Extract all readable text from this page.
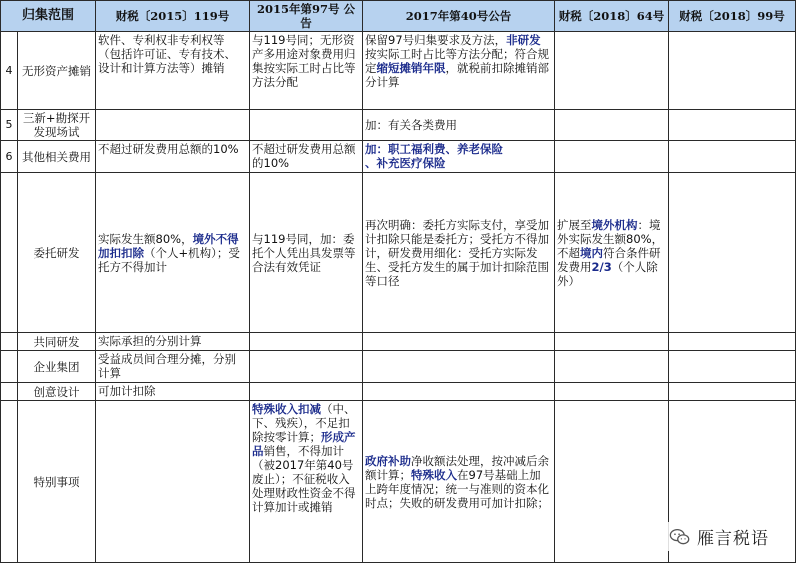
归集范围		财税〔2015〕119号	2015年第97号 公告	2017年第40号公告	财税〔2018〕64号	财税〔2018〕99号
4	无形资产摊销	软件、专利权非专利权等（包括许可证、专有技术、设计和计算方法等）摊销	与119号同；无形资产多用途对象费用归集按实际工时占比等方法分配	保留97号归集要求及方法，非研发按实际工时占比等方法分配；符合规定缩短摊销年限，就税前扣除摊销部分计算		
5	三新+勘探开发现场试			加：有关各类费用		
6	其他相关费用	不超过研发费用总额的10%	不超过研发费用总额的10%	加：职工福利费、养老保险
、补充医疗保险		
	委托研发	实际发生额80%，境外不得加扣扣除（个人+机构）；受托方不得加计	与119号同，加：委托个人凭出具发票等合法有效凭证	再次明确：委托方实际支付，享受加计扣除只能是委托方；受托方不得加计，研发费用细化：受托方实际发生、受托方发生的属于加计扣除范围等口径	扩展至境外机构：境外实际发生额80%，不超境内符合条件研发费用2/3（个人除外）	
	共同研发	实际承担的分别计算				
	企业集团	受益成员间合理分摊，分别计算				
	创意设计	可加计扣除				
	特别事项		特殊收入扣减（中、下、残疾），不足扣除按零计算；形成产品销售，不得加计（被2017年第40号废止）；不征税收入处理财政性资金不得计算加计或摊销	政府补助净收额法处理，按冲减后余额计算；特殊收入在97号基础上加上跨年度情况；统一与准则的资本化时点；失败的研发费用可加计扣除；		
雁言税语
